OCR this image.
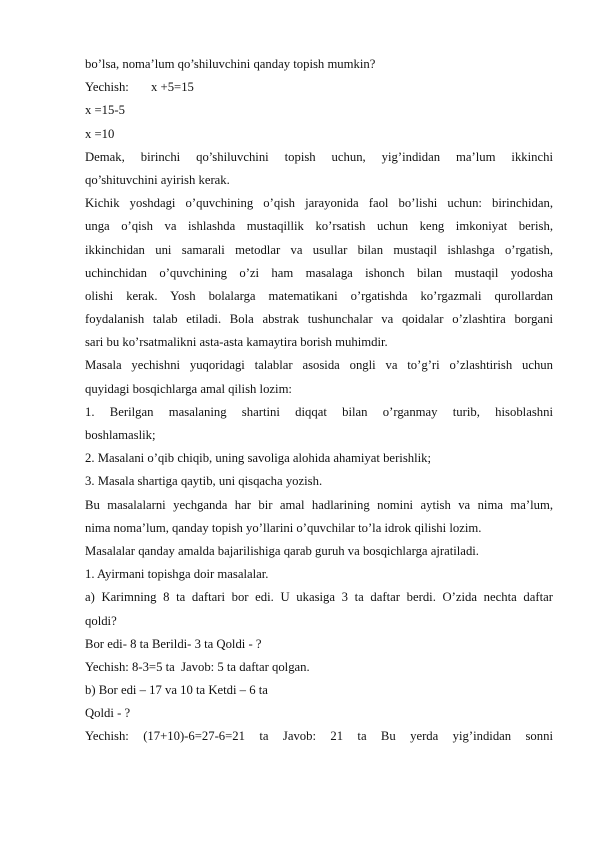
bo’lsa, noma’lum qo’shiluvchini qanday topish mumkin?
Yechish:       x +5=15
x =15-5
x =10
Demak, birinchi qo’shiluvchini topish uchun, yig’indidan ma’lum ikkinchi
qo’shituvchini ayirish kerak.
Kichik yoshdagi o’quvchining o’qish jarayonida faol bo’lishi uchun: birinchidan,
unga o’qish va ishlashda mustaqillik ko’rsatish uchun keng imkoniyat berish,
ikkinchidan uni samarali metodlar va usullar bilan mustaqil ishlashga o’rgatish,
uchinchidan o’quvchining o’zi ham masalaga ishonch bilan mustaqil yodosha
olishi kerak. Yosh bolalarga matematikani o’rgatishda ko’rgazmali qurollardan
foydalanish talab etiladi. Bola abstrak tushunchalar va qoidalar o’zlashtira borgani
sari bu ko’rsatmalikni asta-asta kamaytira borish muhimdir.
Masala yechishni yuqoridagi talablar asosida ongli va to’g’ri o’zlashtirish uchun
quyidagi bosqichlarga amal qilish lozim:
1. Berilgan masalaning shartini diqqat bilan o’rganmay turib, hisoblashni
boshlamaslik;
2. Masalani o’qib chiqib, uning savoliga alohida ahamiyat berishlik;
3. Masala shartiga qaytib, uni qisqacha yozish.
Bu masalalarni yechganda har bir amal hadlarining nomini aytish va nima ma’lum,
nima noma’lum, qanday topish yo’llarini o’quvchilar to’la idrok qilishi lozim.
Masalalar qanday amalda bajarilishiga qarab guruh va bosqichlarga ajratiladi.
1. Ayirmani topishga doir masalalar.
a) Karimning 8 ta daftari bor edi. U ukasiga 3 ta daftar berdi. O’zida nechta daftar
qoldi?
Bor edi- 8 ta Berildi- 3 ta Qoldi - ?
Yechish: 8-3=5 ta  Javob: 5 ta daftar qolgan.
b) Bor edi – 17 va 10 ta Ketdi – 6 ta
Qoldi - ?
Yechish: (17+10)-6=27-6=21 ta Javob: 21 ta Bu yerda yig’indidan sonni
